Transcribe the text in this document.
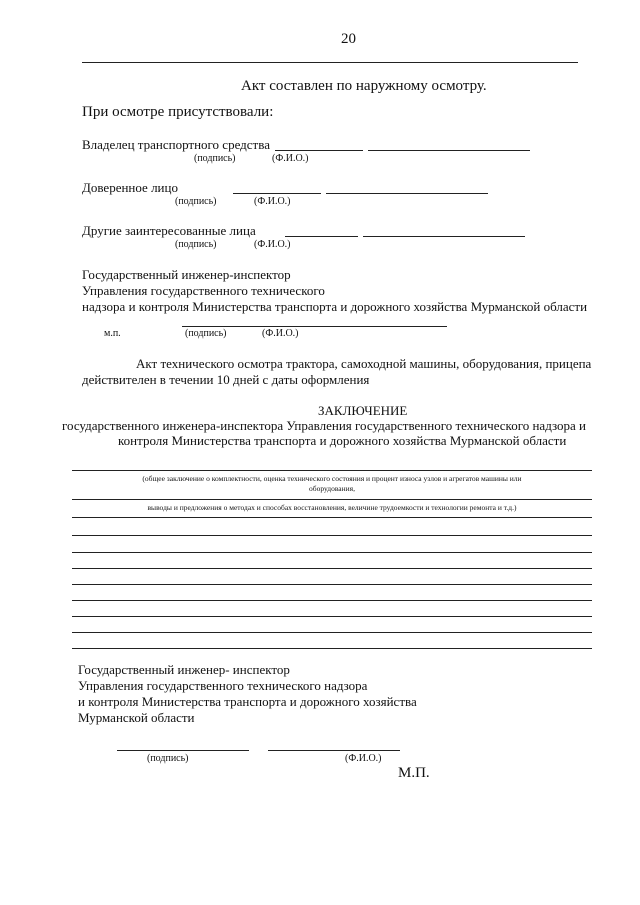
20
Акт составлен по наружному осмотру.
При осмотре присутствовали:
Владелец транспортного средства
(подпись)	(Ф.И.О.)
Доверенное лицо
(подпись)	(Ф.И.О.)
Другие заинтересованные лица
(подпись)	(Ф.И.О.)
Государственный инженер-инспектор
Управления государственного технического
надзора и контроля Министерства транспорта и дорожного хозяйства Мурманской области
м.п.	(подпись)	(Ф.И.О.)
Акт технического осмотра трактора, самоходной машины, оборудования, прицепа
действителен в течении 10 дней с даты оформления
ЗАКЛЮЧЕНИЕ
государственного инженера-инспектора Управления государственного технического надзора и
контроля Министерства транспорта и дорожного хозяйства Мурманской области
(общее заключение о комплектности, оценка технического состояния и процент износа узлов и агрегатов машины или
оборудования,
выводы и предложения о методах и способах восстановления, величине трудоемкости и технологии ремонта и т.д.)
Государственный инженер- инспектор
Управления государственного технического надзора
и контроля Министерства транспорта и дорожного хозяйства
Мурманской области
(подпись)	(Ф.И.О.)
М.П.
